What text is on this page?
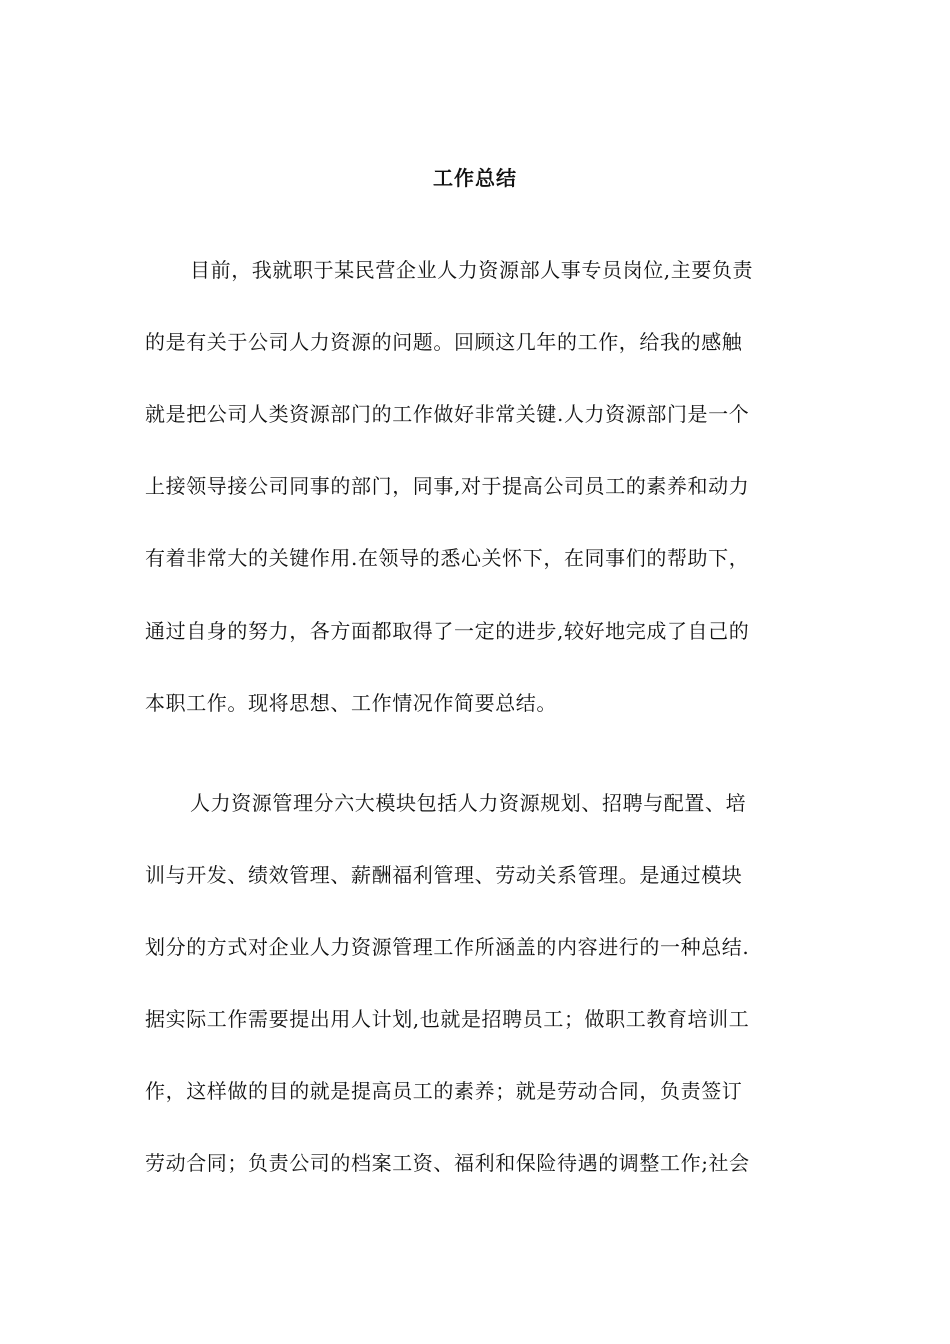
工作总结
目前，我就职于某民营企业人力资源部人事专员岗位,主要负责
的是有关于公司人力资源的问题。回顾这几年的工作，给我的感触
就是把公司人类资源部门的工作做好非常关键.人力资源部门是一个
上接领导接公司同事的部门，同事,对于提高公司员工的素养和动力
有着非常大的关键作用.在领导的悉心关怀下，在同事们的帮助下，
通过自身的努力，各方面都取得了一定的进步,较好地完成了自己的
本职工作。现将思想、工作情况作简要总结。
人力资源管理分六大模块包括人力资源规划、招聘与配置、培
训与开发、绩效管理、薪酬福利管理、劳动关系管理。是通过模块
划分的方式对企业人力资源管理工作所涵盖的内容进行的一种总结.
据实际工作需要提出用人计划,也就是招聘员工；做职工教育培训工
作，这样做的目的就是提高员工的素养；就是劳动合同，负责签订
劳动合同；负责公司的档案工资、福利和保险待遇的调整工作;社会
